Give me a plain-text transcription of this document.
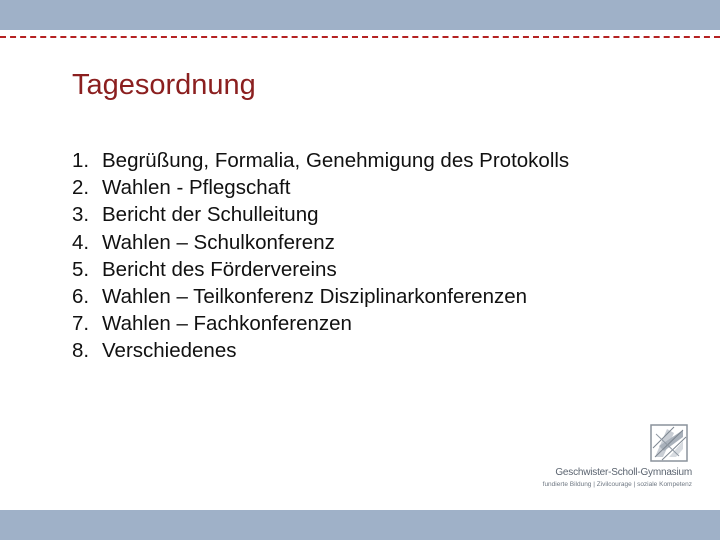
Tagesordnung
1. Begrüßung, Formalia, Genehmigung des Protokolls
2. Wahlen - Pflegschaft
3. Bericht der Schulleitung
4. Wahlen – Schulkonferenz
5. Bericht des Fördervereins
6. Wahlen – Teilkonferenz Disziplinarkonferenzen
7. Wahlen – Fachkonferenzen
8. Verschiedenes
Geschwister-Scholl-Gymnasium
fundierte Bildung | Zivilcourage | soziale Kompetenz
